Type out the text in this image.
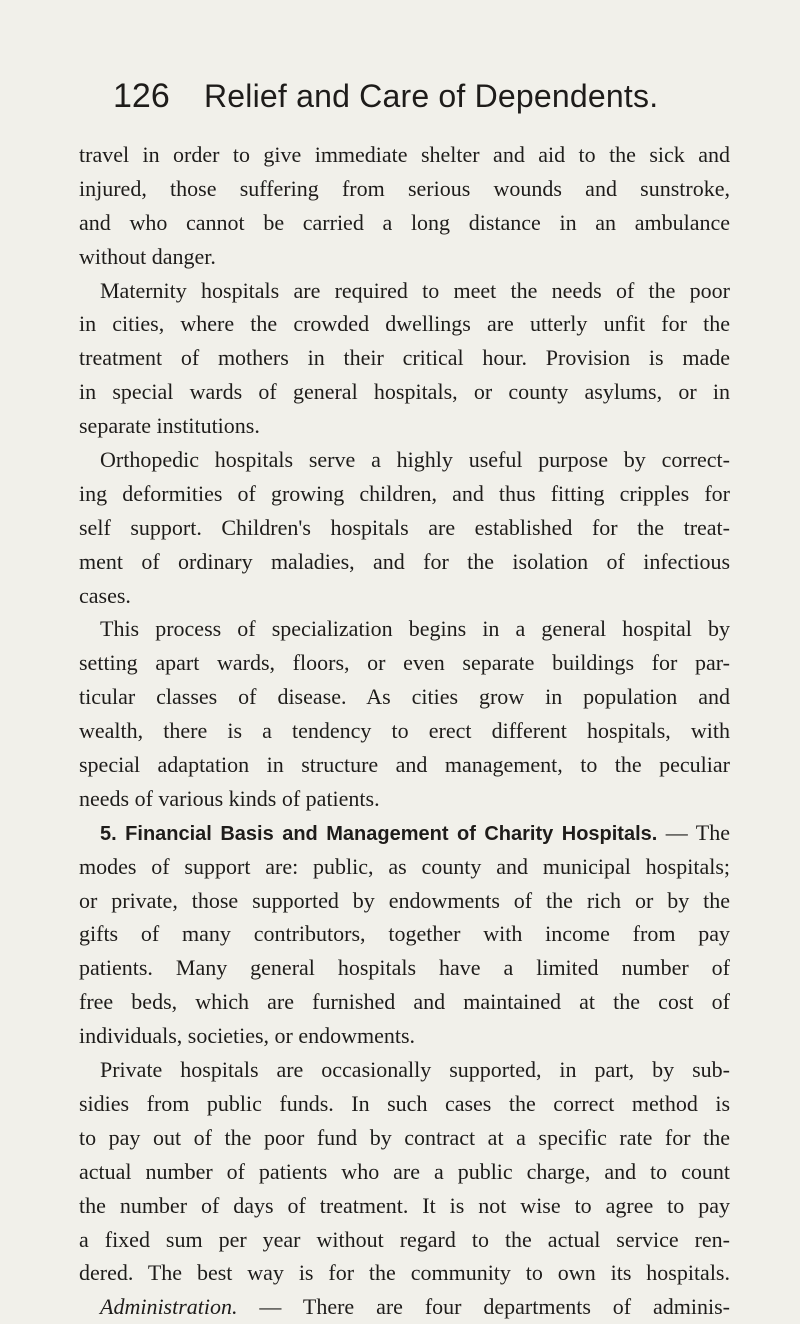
126 Relief and Care of Dependents.
travel in order to give immediate shelter and aid to the sick and
injured, those suffering from serious wounds and sunstroke,
and who cannot be carried a long distance in an ambulance
without danger.
Maternity hospitals are required to meet the needs of the poor
in cities, where the crowded dwellings are utterly unfit for the
treatment of mothers in their critical hour. Provision is made
in special wards of general hospitals, or county asylums, or in
separate institutions.
Orthopedic hospitals serve a highly useful purpose by correct-
ing deformities of growing children, and thus fitting cripples for
self support. Children's hospitals are established for the treat-
ment of ordinary maladies, and for the isolation of infectious
cases.
This process of specialization begins in a general hospital by
setting apart wards, floors, or even separate buildings for par-
ticular classes of disease. As cities grow in population and
wealth, there is a tendency to erect different hospitals, with
special adaptation in structure and management, to the peculiar
needs of various kinds of patients.
5. Financial Basis and Management of Charity Hospitals. — The
modes of support are: public, as county and municipal hospitals;
or private, those supported by endowments of the rich or by the
gifts of many contributors, together with income from pay
patients. Many general hospitals have a limited number of
free beds, which are furnished and maintained at the cost of
individuals, societies, or endowments.
Private hospitals are occasionally supported, in part, by sub-
sidies from public funds. In such cases the correct method is
to pay out of the poor fund by contract at a specific rate for the
actual number of patients who are a public charge, and to count
the number of days of treatment. It is not wise to agree to pay
a fixed sum per year without regard to the actual service ren-
dered. The best way is for the community to own its hospitals.
Administration. — There are four departments of adminis-
